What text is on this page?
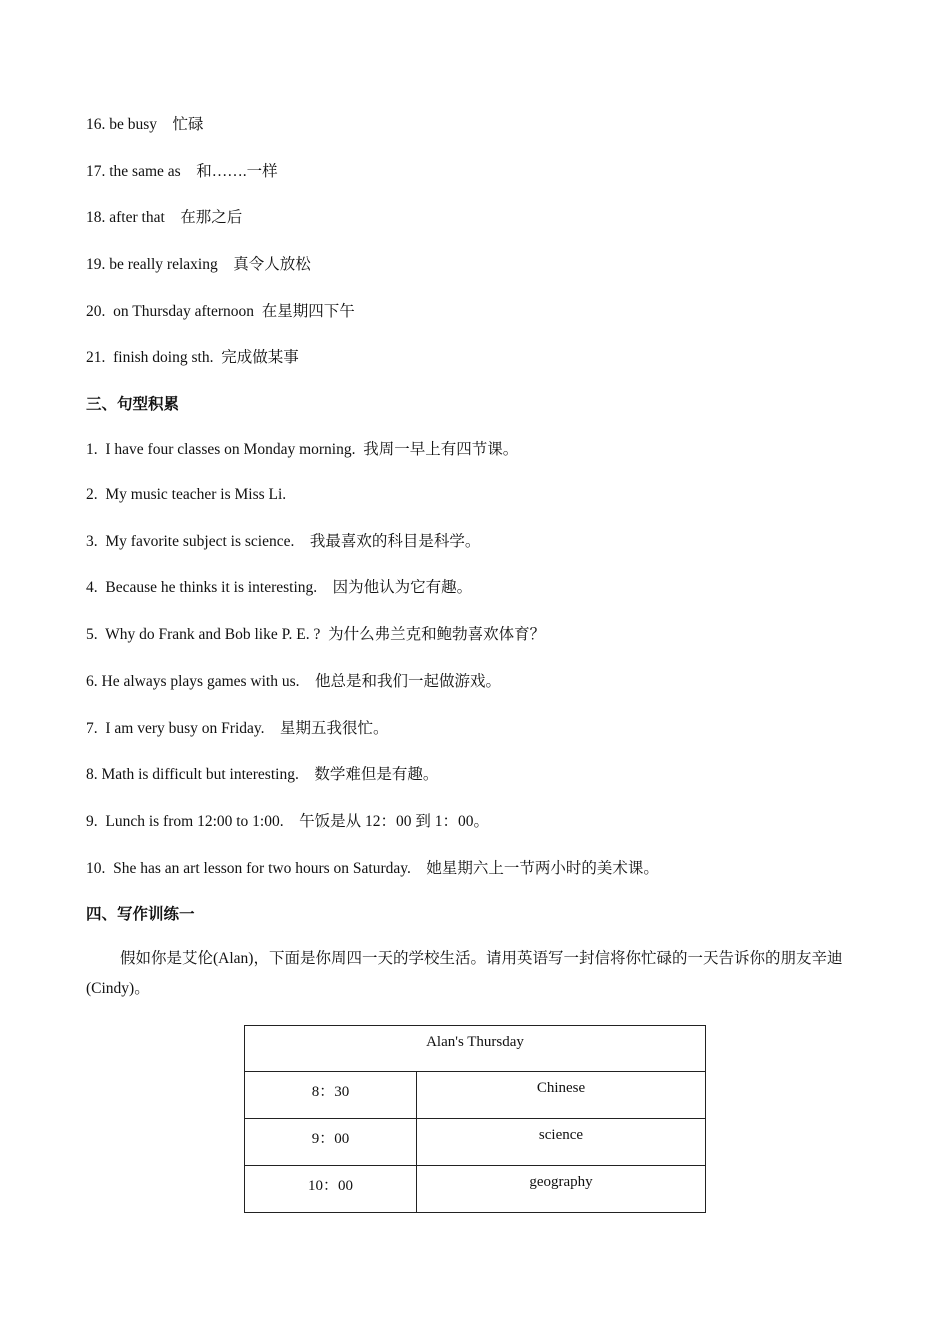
16. be busy    忙碌
17. the same as    和…….一样
18. after that    在那之后
19. be really relaxing    真令人放松
20.  on Thursday afternoon  在星期四下午
21.  finish doing sth.  完成做某事
三、句型积累
1.  I have four classes on Monday morning.  我周一早上有四节课。
2.  My music teacher is Miss Li.
3.  My favorite subject is science.    我最喜欢的科目是科学。
4.  Because he thinks it is interesting.    因为他认为它有趣。
5.  Why do Frank and Bob like P. E. ?  为什么弗兰克和鲍勃喜欢体育？
6. He always plays games with us.    他总是和我们一起做游戏。
7.  I am very busy on Friday.    星期五我很忙。
8. Math is difficult but interesting.    数学难但是有趣。
9.  Lunch is from 12:00 to 1:00.    午饭是从 12：00 到 1：00。
10.  She has an art lesson for two hours on Saturday.    她星期六上一节两小时的美术课。
四、写作训练一
假如你是艾伦(Alan)，下面是你周四一天的学校生活。请用英语写一封信将你忙碌的一天告诉你的朋友辛迪(Cindy)。
Alan's Thursday	
8：30	Chinese
9：00	science
10：00	geography
